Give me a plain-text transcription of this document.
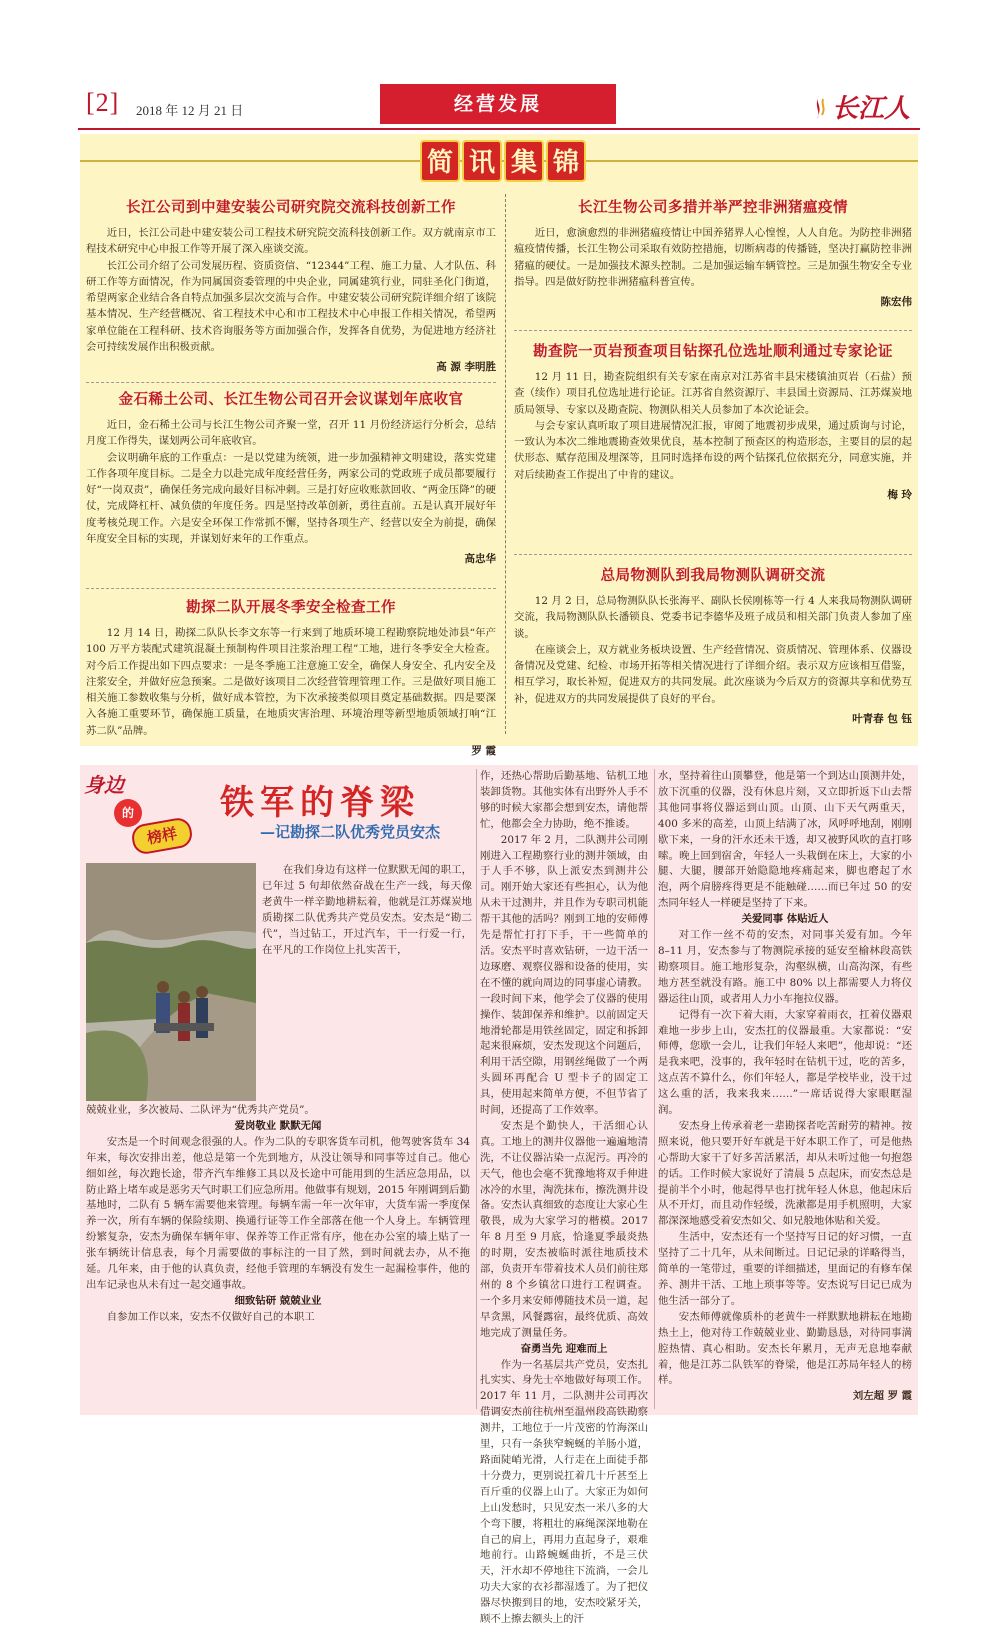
[2] 2018 年 12 月 21 日	经营发展	长江人
简 讯 集 锦
长江公司到中建安装公司研究院交流科技创新工作

近日，长江公司赴中建安装公司工程技术研究院交流科技创新工作。双方就南京市工程技术研究中心申报工作等开展了深入座谈交流。

长江公司介绍了公司发展历程、资质资信、“12344”工程、施工力量、人才队伍、科研工作等方面情况，作为同属国资委管理的中央企业，同属建筑行业，同驻圣化门街道，希望两家企业结合各自特点加强多层次交流与合作。中建安装公司研究院详细介绍了该院基本情况、生产经营概况、省工程技术中心和市工程技术中心申报工作相关情况，希望两家单位能在工程科研、技术咨询服务等方面加强合作，发挥各自优势，为促进地方经济社会可持续发展作出积极贡献。

高 源 李明胜

金石稀土公司、长江生物公司召开会议谋划年底收官

近日，金石稀土公司与长江生物公司齐聚一堂，召开 11 月份经济运行分析会，总结月度工作得失，谋划两公司年底收官。

会议明确年底的工作重点：一是以党建为统领，进一步加强精神文明建设，落实党建工作各项年度目标。二是全力以赴完成年度经营任务，两家公司的党政班子成员都要履行好“一岗双责”，确保任务完成向最好目标冲刺。三是打好应收账款回收、“两金压降”的硬仗，完成降杠杆、减负债的年度任务。四是坚持改革创新，勇往直前。五是认真开展好年度考核兑现工作。六是安全环保工作常抓不懈，坚持各项生产、经营以安全为前提，确保年度安全目标的实现，并谋划好来年的工作重点。

高忠华

勘探二队开展冬季安全检查工作

12 月 14 日，勘探二队队长李文东等一行来到了地质环境工程勘察院地处沛县“年产 100 万平方装配式建筑混凝土预制构件项目注浆治理工程”工地，进行冬季安全大检查。对今后工作提出如下四点要求：一是冬季施工注意施工安全，确保人身安全、孔内安全及注浆安全，并做好应急预案。二是做好该项目二次经营管理管理工作。三是做好项目施工相关施工参数收集与分析，做好成本管控，为下次承接类似项目奠定基础数据。四是要深入各施工重要环节，确保施工质量，在地质灾害治理、环境治理等新型地质领域打响“江苏二队”品牌。

罗 霞

长江生物公司多措并举严控非洲猪瘟疫情

近日，愈演愈烈的非洲猪瘟疫情让中国养猪界人心惶惶，人人自危。为防控非洲猪瘟疫情传播，长江生物公司采取有效防控措施，切断病毒的传播链，坚决打赢防控非洲猪瘟的硬仗。一是加强技术源头控制。二是加强运输车辆管控。三是加强生物安全专业指导。四是做好防控非洲猪瘟科普宣传。

陈宏伟

勘查院一页岩预查项目钻探孔位选址顺利通过专家论证

12 月 11 日，勘查院组织有关专家在南京对江苏省丰县宋楼镇油页岩（石盐）预查（续作）项目孔位选址进行论证。江苏省自然资源厅、丰县国土资源局、江苏煤炭地质局领导、专家以及勘查院、物测队相关人员参加了本次论证会。

与会专家认真听取了项目进展情况汇报，审阅了地震初步成果，通过质询与讨论，一致认为本次二维地震勘查效果优良，基本控制了预查区的构造形态，主要目的层的起伏形态、赋存范围及埋深等，且同时选择布设的两个钻探孔位依据充分，同意实施，并对后续勘查工作提出了中肯的建议。

梅 玲

总局物测队到我局物测队调研交流

12 月 2 日，总局物测队队长张海平、副队长侯刚栋等一行 4 人来我局物测队调研交流，我局物测队队长潘锁良、党委书记李德华及班子成员和相关部门负责人参加了座谈。

在座谈会上，双方就业务板块设置、生产经营情况、资质情况、管理体系、仪器设备情况及党建、纪检、市场开拓等相关情况进行了详细介绍。表示双方应该相互借鉴，相互学习，取长补短，促进双方的共同发展。此次座谈为今后双方的资源共享和优势互补，促进双方的共同发展提供了良好的平台。

叶青春 包 钰

身边
的
榜样
铁军的脊梁
—记勘探二队优秀党员安杰

在我们身边有这样一位默默无闻的职工，已年过 5 旬却依然奋战在生产一线，每天像老黄牛一样辛勤地耕耘着，他就是江苏煤炭地质勘探二队优秀共产党员安杰。安杰是“勘二代”，当过钻工，开过汽车，干一行爱一行，在平凡的工作岗位上扎实苦干，

兢兢业业，多次被局、二队评为“优秀共产党员”。

爱岗敬业 默默无闻

安杰是一个时间观念很强的人。作为二队的专职客货车司机，他驾驶客货车 34 年来，每次安排出差，他总是第一个先到地方，从没让领导和同事等过自己。他心细如丝，每次跑长途，带齐汽车维修工具以及长途中可能用到的生活应急用品，以防止路上堵车或是恶劣天气时职工们应急所用。他做事有规划，2015 年刚调到后勤基地时，二队有 5 辆车需要他来管理。每辆车需一年一次年审，大货车需一季度保养一次，所有车辆的保险续期、换通行证等工作全部落在他一个人身上。车辆管理纷繁复杂，安杰为确保车辆年审、保养等工作正常有序，他在办公室的墙上贴了一张车辆统计信息表，每个月需要做的事标注的一目了然，到时间就去办，从不拖延。几年来，由于他的认真负责，经他手管理的车辆没有发生一起漏检事件，他的出车记录也从未有过一起交通事故。

细致钻研 兢兢业业

自参加工作以来，安杰不仅做好自己的本职工

作，还热心帮助后勤基地、钻机工地装卸货物。其他实体有出野外人手不够的时候大家都会想到安杰，请他帮忙，他都会全力协助，绝不推诿。

2017 年 2 月，二队测井公司刚刚进入工程勘察行业的测井领域，由于人手不够，队上派安杰到测井公司。刚开始大家还有些担心，认为他从未干过测井，并且作为专职司机能帮干其他的活吗？刚到工地的安师傅先是帮忙打打下手，干一些简单的活。安杰平时喜欢钻研，一边干活一边琢磨、观察仪器和设备的使用，实在不懂的就向周边的同事虚心请教。一段时间下来，他学会了仪器的使用操作、装卸保养和维护。以前固定天地滑轮都是用铁丝固定，固定和拆卸起来很麻烦，安杰发现这个问题后，利用干活空隙，用钢丝绳做了一个两头圆环再配合 U 型卡子的固定工具，使用起来简单方便，不但节省了时间，还提高了工作效率。

安杰是个勤快人，干活细心认真。工地上的测井仪器他一遍遍地清洗，不让仪器沾染一点泥污。再冷的天气，他也会毫不犹豫地将双手伸进冰冷的水里，淘洗抹布，擦洗测井设备。安杰认真细致的态度让大家心生敬畏，成为大家学习的楷模。2017 年 8 月至 9 月底，恰逢夏季最炎热的时期，安杰被临时派往地质技术部，负责开车带着技术人员们前往郑州的 8 个乡镇岔口进行工程调查。一个多月来安师傅随技术员一道，起早贪黑，风餐露宿，最终优质、高效地完成了测量任务。

奋勇当先 迎难而上

作为一名基层共产党员，安杰扎扎实实、身先士卒地做好每项工作。2017 年 11 月，二队测井公司再次借调安杰前往杭州至温州段高铁勘察测井，工地位于一片茂密的竹海深山里，只有一条狭窄蜿蜒的羊肠小道，路面陡峭光滑，人行走在上面徒手都十分费力，更别说扛着几十斤甚至上百斤重的仪器上山了。大家正为如何上山发愁时，只见安杰一米八多的大个弯下腰，将粗壮的麻绳深深地勒在自己的肩上，再用力直起身子，艰难地前行。山路蜿蜒曲折，不是三伏天，汗水却不停地往下流淌，一会儿功夫大家的衣衫都湿透了。为了把仪器尽快搬到目的地，安杰咬紧牙关，顾不上擦去额头上的汗

水，坚持着往山顶攀登，他是第一个到达山顶测井处，放下沉重的仪器，没有休息片刻，又立即折返下山去帮其他同事将仪器运到山顶。山顶、山下天气两重天，400 多米的高差，山顶上结满了冰，风呼呼地刮，刚刚歇下来，一身的汗水还未干透，却又被野风吹的直打哆嗦。晚上回到宿舍，年轻人一头栽倒在床上，大家的小腿、大腿，腰部开始隐隐地疼痛起来，脚也磨起了水泡，两个肩膀疼得更是不能触碰……而已年过 50 的安杰同年轻人一样硬是坚持了下来。

关爱同事 体贴近人

对工作一丝不苟的安杰，对同事关爱有加。今年 8–11 月，安杰参与了物测院承接的延安至榆林段高铁勘察项目。施工地形复杂，沟壑纵横，山高沟深，有些地方甚至就没有路。施工中 80% 以上都需要人力将仪器运往山顶，或者用人力小车拖拉仪器。

记得有一次下着大雨，大家穿着雨衣，扛着仪器艰难地一步步上山，安杰扛的仪器最重。大家都说：“安师傅，您歇一会儿，让我们年轻人来吧”，他却说：“还是我来吧，没事的，我年轻时在钻机干过，吃的苦多，这点苦不算什么，你们年轻人，都是学校毕业，没干过这么重的活，我来我来……”一席话说得大家眼眶湿润。

安杰身上传承着老一辈勘探者吃苦耐劳的精神。按照来说，他只要开好车就是干好本职工作了，可是他热心帮助大家干了好多苦活累活，却从未听过他一句抱怨的话。工作时候大家说好了清晨 5 点起床，而安杰总是提前半个小时，他起得早也打扰年轻人休息，他起床后从不开灯，而且动作轻缓，洗漱都是用手机照明，大家都深深地感受着安杰如父、如兄般地体贴和关爱。

生活中，安杰还有一个坚持写日记的好习惯，一直坚持了二十几年，从未间断过。日记记录的详略得当，简单的一笔带过，重要的详细描述，里面记的有修车保养、测井干活、工地上琐事等等。安杰说写日记已成为他生活一部分了。

安杰师傅就像质朴的老黄牛一样默默地耕耘在地勘热土上，他对待工作兢兢业业、勤勤恳恳，对待同事满腔热情、真心相助。安杰长年累月，无声无息地奉献着，他是江苏二队铁军的脊梁，他是江苏局年轻人的榜样。

刘左超 罗 霞
